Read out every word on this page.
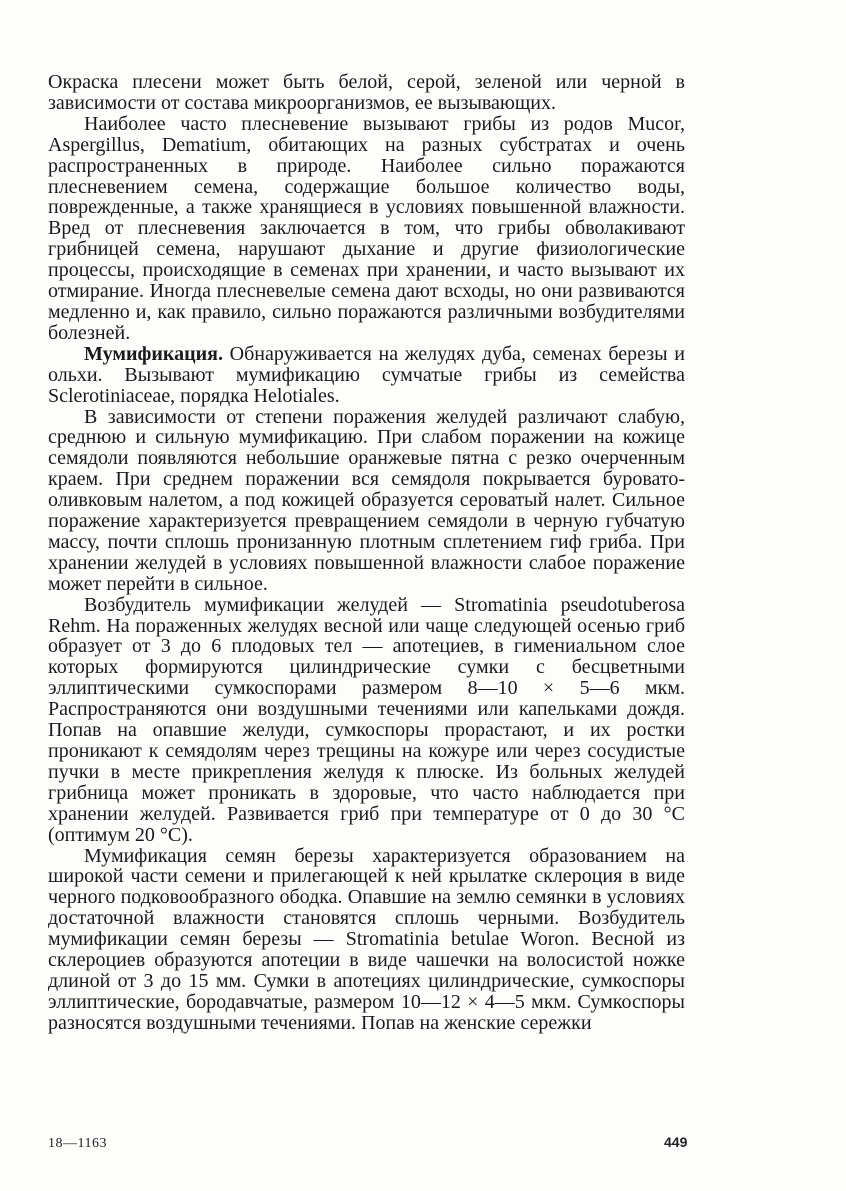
Окраска плесени может быть белой, серой, зеленой или черной в зависимости от состава микроорганизмов, ее вызывающих.

Наиболее часто плесневение вызывают грибы из родов Mucor, Aspergillus, Dematium, обитающих на разных субстратах и очень распространенных в природе. Наиболее сильно поражаются плесневением семена, содержащие большое количество воды, поврежденные, а также хранящиеся в условиях повышенной влажности. Вред от плесневения заключается в том, что грибы обволакивают грибницей семена, нарушают дыхание и другие физиологические процессы, происходящие в семенах при хранении, и часто вызывают их отмирание. Иногда плесневелые семена дают всходы, но они развиваются медленно и, как правило, сильно поражаются различными возбудителями болезней.

Мумификация. Обнаруживается на желудях дуба, семенах березы и ольхи. Вызывают мумификацию сумчатые грибы из семейства Sclerotiniaceae, порядка Helotiales.

В зависимости от степени поражения желудей различают слабую, среднюю и сильную мумификацию. При слабом поражении на кожице семядоли появляются небольшие оранжевые пятна с резко очерченным краем. При среднем поражении вся семядоля покрывается буровато-оливковым налетом, а под кожицей образуется сероватый налет. Сильное поражение характеризуется превращением семядоли в черную губчатую массу, почти сплошь пронизанную плотным сплетением гиф гриба. При хранении желудей в условиях повышенной влажности слабое поражение может перейти в сильное.

Возбудитель мумификации желудей — Stromatinia pseudotuberosa Rehm. На пораженных желудях весной или чаще следующей осенью гриб образует от 3 до 6 плодовых тел — апотециев, в гимениальном слое которых формируются цилиндрические сумки с бесцветными эллиптическими сумкоспорами размером 8—10 × 5—6 мкм. Распространяются они воздушными течениями или капельками дождя. Попав на опавшие желуди, сумкоспоры прорастают, и их ростки проникают к семядолям через трещины на кожуре или через сосудистые пучки в месте прикрепления желудя к плюске. Из больных желудей грибница может проникать в здоровые, что часто наблюдается при хранении желудей. Развивается гриб при температуре от 0 до 30 °С (оптимум 20 °С).

Мумификация семян березы характеризуется образованием на широкой части семени и прилегающей к ней крылатке склероция в виде черного подковообразного ободка. Опавшие на землю семянки в условиях достаточной влажности становятся сплошь черными. Возбудитель мумификации семян березы — Stromatinia betulae Woron. Весной из склероциев образуются апотеции в виде чашечки на волосистой ножке длиной от 3 до 15 мм. Сумки в апотециях цилиндрические, сумкоспоры эллиптические, бородавчатые, размером 10—12 × 4—5 мкм. Сумкоспоры разносятся воздушными течениями. Попав на женские сережки

18—1163	449
